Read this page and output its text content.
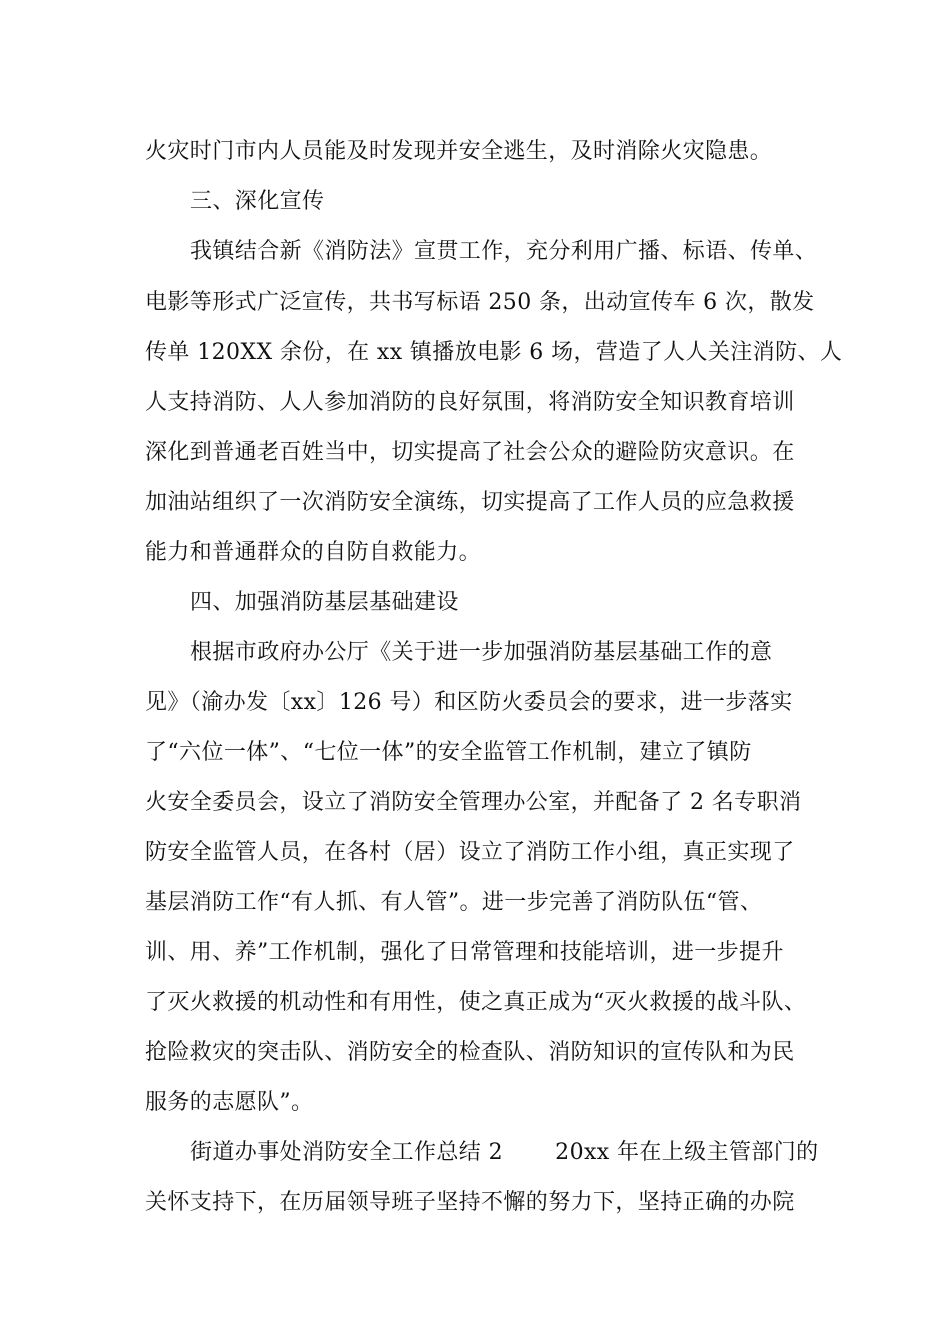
火灾时门市内人员能及时发现并安全逃生，及时消除火灾隐患。
三、深化宣传
我镇结合新《消防法》宣贯工作，充分利用广播、标语、传单、
电影等形式广泛宣传，共书写标语 250 条，出动宣传车 6 次，散发
传单 120XX 余份，在 xx 镇播放电影 6 场，营造了人人关注消防、人
人支持消防、人人参加消防的良好氛围，将消防安全知识教育培训
深化到普通老百姓当中，切实提高了社会公众的避险防灾意识。在
加油站组织了一次消防安全演练，切实提高了工作人员的应急救援
能力和普通群众的自防自救能力。
四、加强消防基层基础建设
根据市政府办公厅《关于进一步加强消防基层基础工作的意
见》（渝办发〔xx〕126 号）和区防火委员会的要求，进一步落实
了“六位一体”、“七位一体”的安全监管工作机制，建立了镇防
火安全委员会，设立了消防安全管理办公室，并配备了 2 名专职消
防安全监管人员，在各村（居）设立了消防工作小组，真正实现了
基层消防工作“有人抓、有人管”。进一步完善了消防队伍“管、
训、用、养”工作机制，强化了日常管理和技能培训，进一步提升
了灭火救援的机动性和有用性，使之真正成为“灭火救援的战斗队、
抢险救灾的突击队、消防安全的检查队、消防知识的宣传队和为民
服务的志愿队”。
街道办事处消防安全工作总结 2　　 20xx 年在上级主管部门的
关怀支持下，在历届领导班子坚持不懈的努力下，坚持正确的办院
